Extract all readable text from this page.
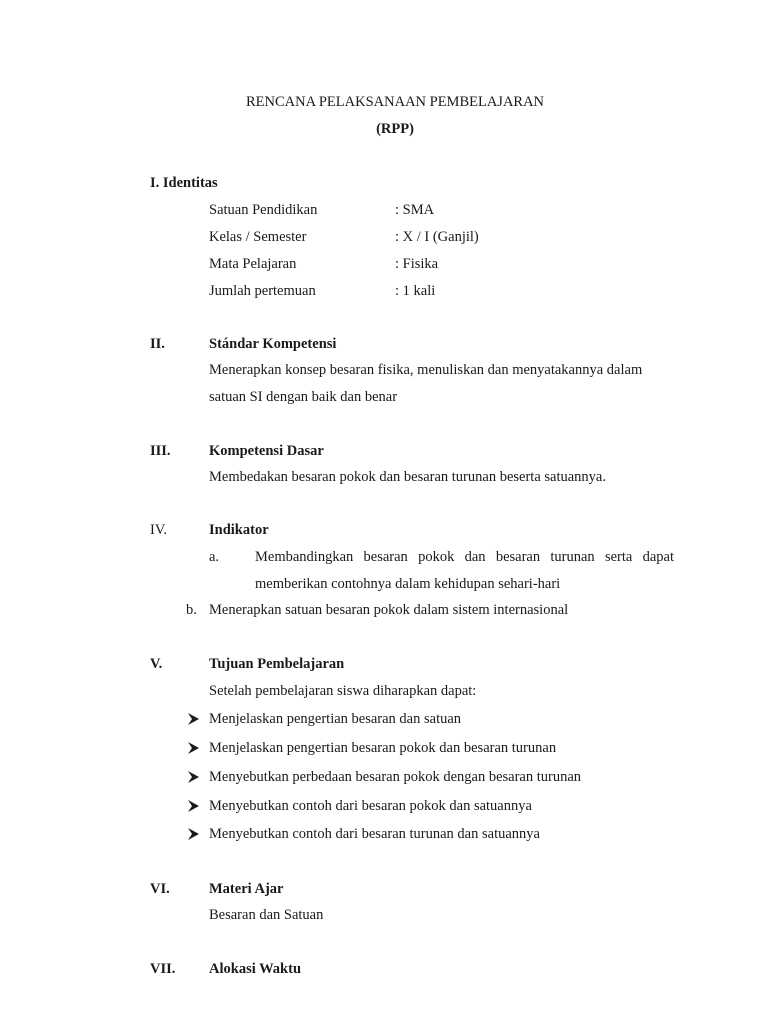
RENCANA PELAKSANAAN PEMBELAJARAN
(RPP)
I. Identitas
Satuan Pendidikan	: SMA
Kelas / Semester	: X / I (Ganjil)
Mata Pelajaran	: Fisika
Jumlah pertemuan	: 1 kali
II.	Stándar Kompetensi
Menerapkan konsep besaran fisika, menuliskan dan menyatakannya dalam
satuan SI dengan baik dan benar
III.	Kompetensi Dasar
Membedakan besaran pokok dan besaran turunan beserta satuannya.
IV.	Indikator
a. Membandingkan besaran pokok dan besaran turunan serta dapat
memberikan contohnya dalam kehidupan sehari-hari
b. Menerapkan satuan besaran pokok dalam sistem internasional
V.	Tujuan Pembelajaran
Setelah pembelajaran siswa diharapkan dapat:
Menjelaskan pengertian besaran dan satuan
Menjelaskan pengertian besaran pokok dan besaran turunan
Menyebutkan perbedaan besaran pokok dengan besaran turunan
Menyebutkan contoh dari besaran pokok dan satuannya
Menyebutkan contoh dari besaran turunan dan satuannya
VI.	Materi Ajar
Besaran dan Satuan
VII. Alokasi Waktu
